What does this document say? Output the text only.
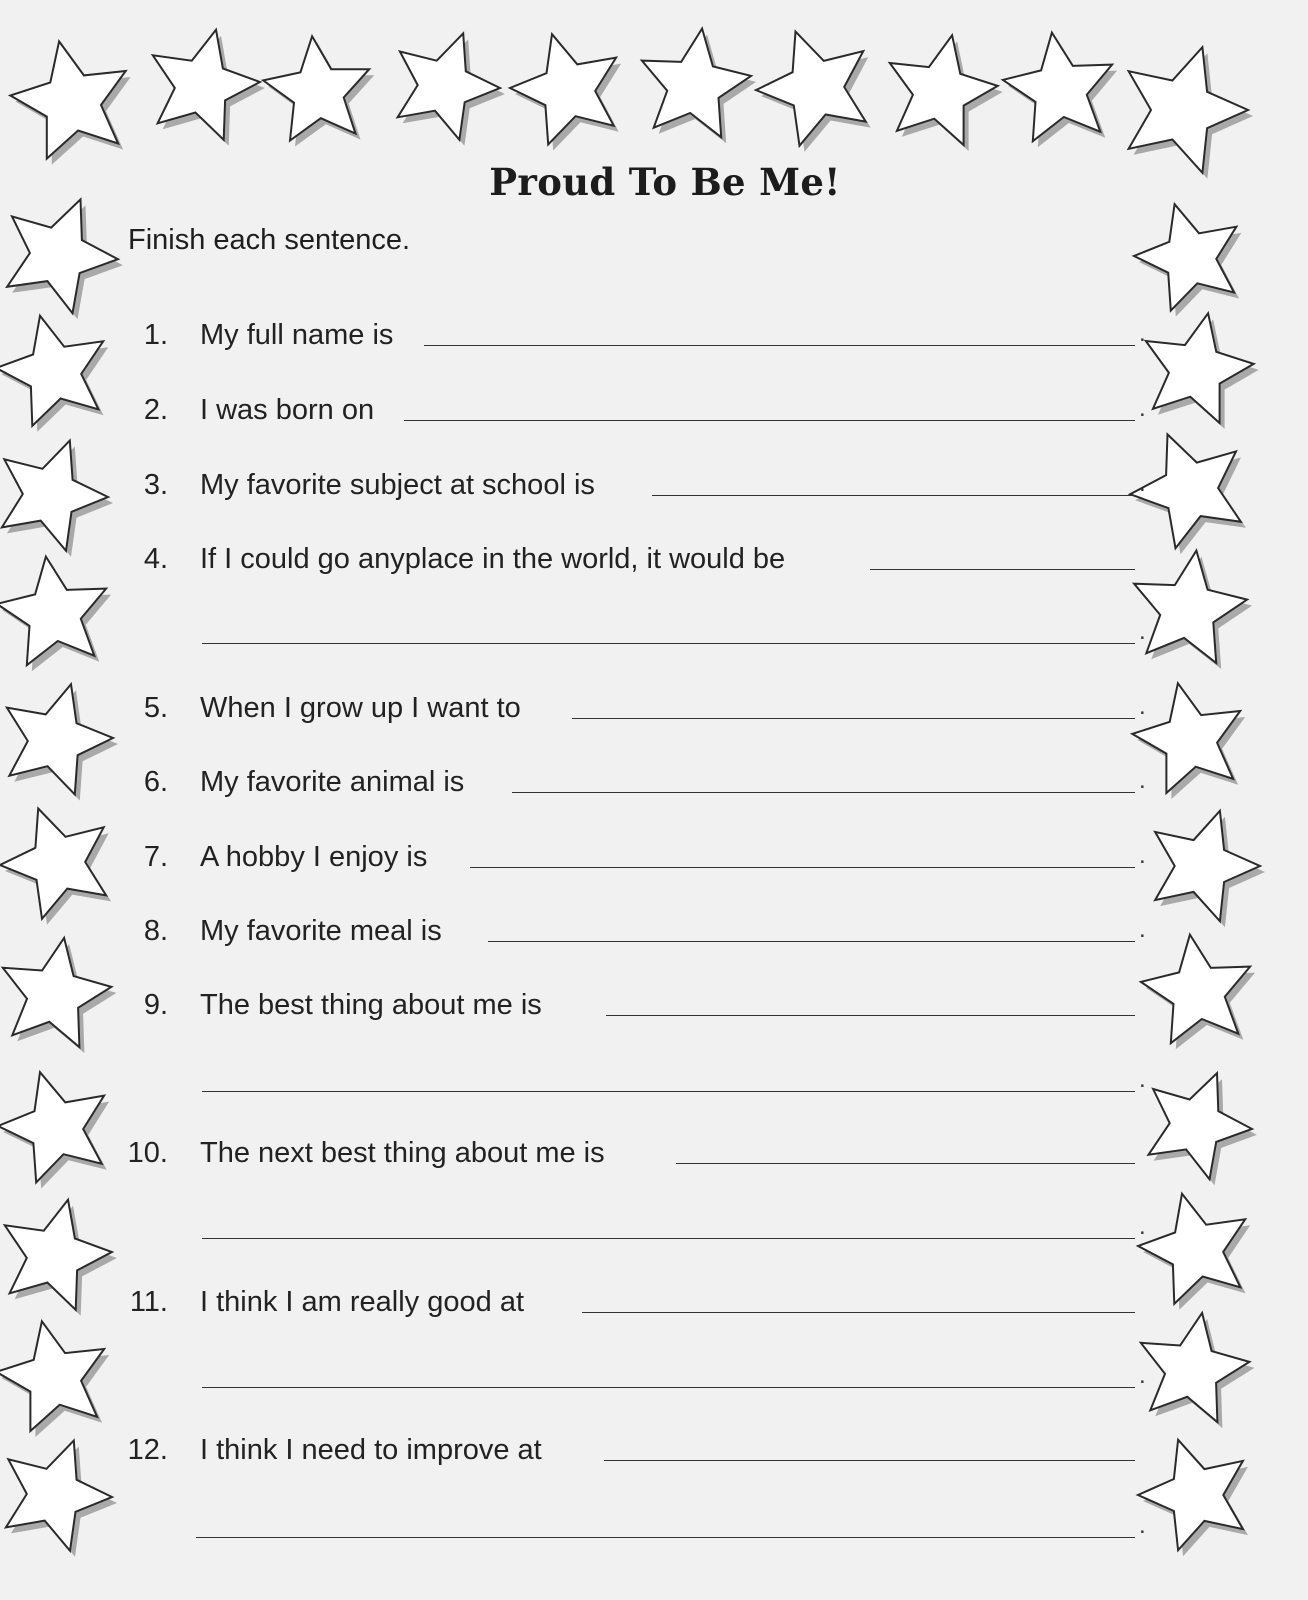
Proud To Be Me!
Finish each sentence.
1. My full name is	.
2. I was born on	.
3. My favorite subject at school is	.
4. If I could go anyplace in the world, it would be
.
5. When I grow up I want to	.
6. My favorite animal is	.
7. A hobby I enjoy is	.
8. My favorite meal is	.
9. The best thing about me is
.
10. The next best thing about me is
.
11. I think I am really good at
.
12. I think I need to improve at
.
